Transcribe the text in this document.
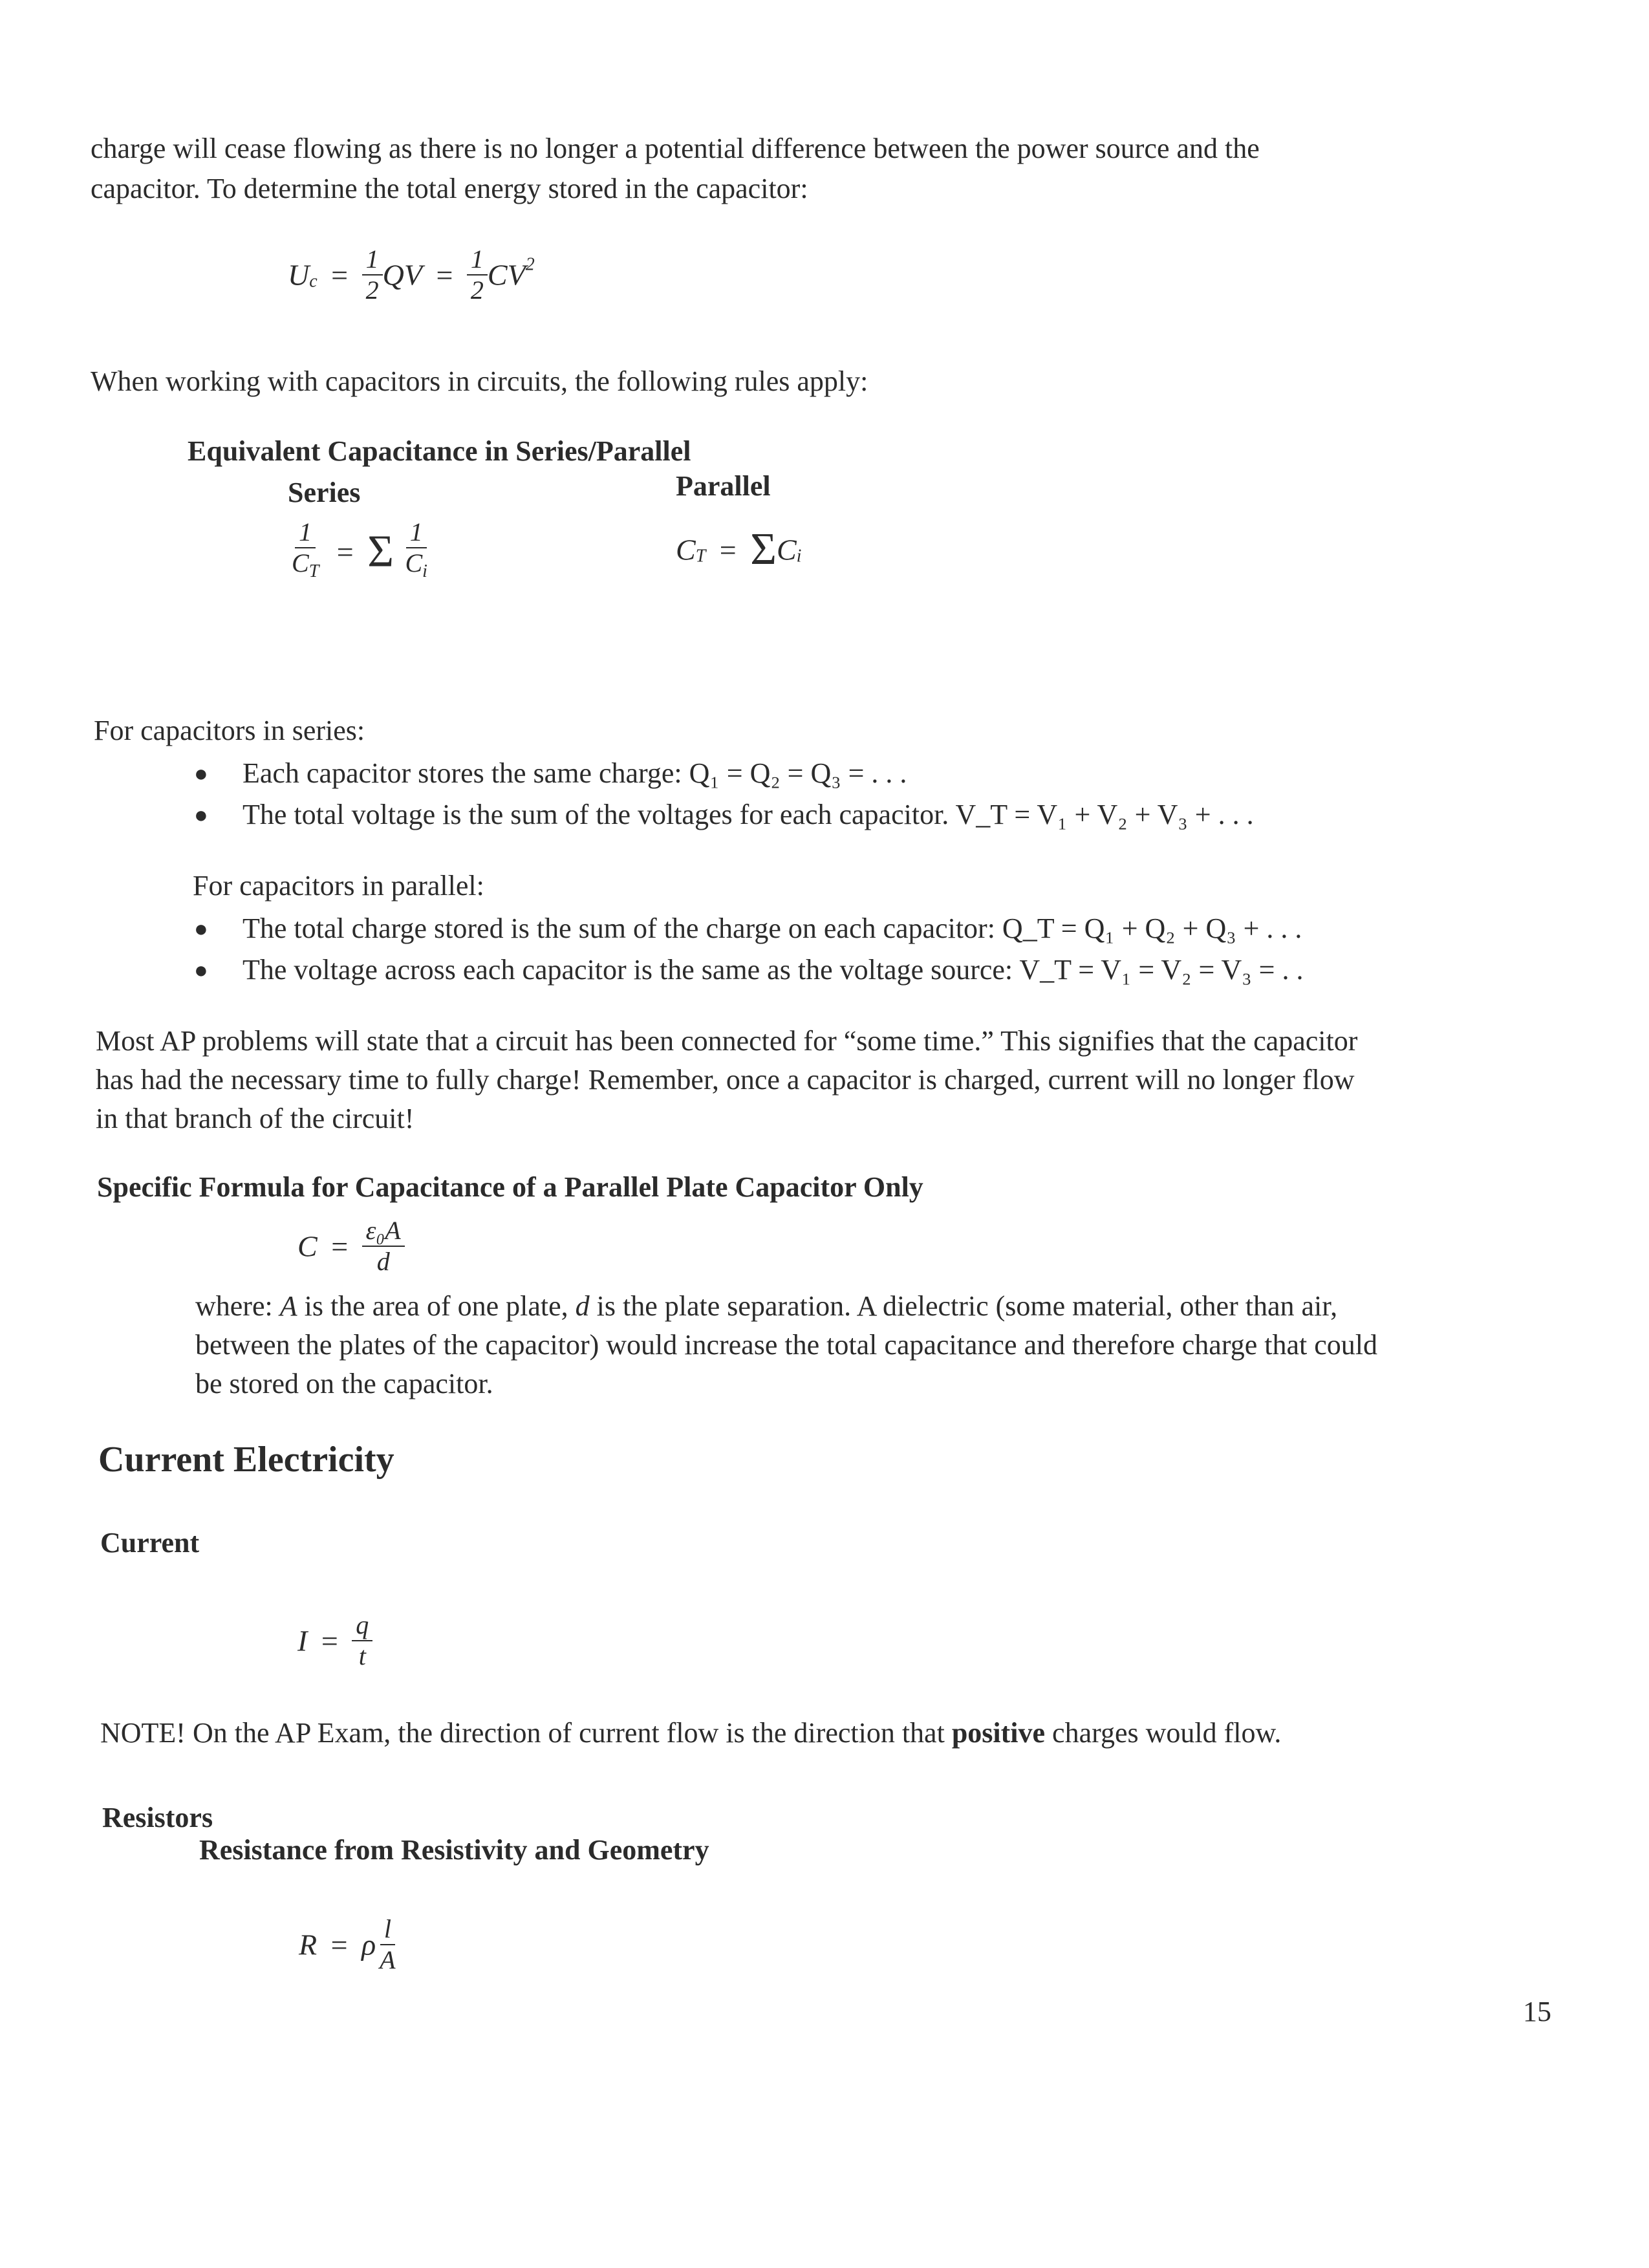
charge will cease flowing as there is no longer a potential difference between the power source and the

capacitor. To determine the total energy stored in the capacitor:

$U_c = \frac{1}{2}$ QV = $\frac{1}{2} CV^2$

When working with capacitors in circuits, the following rules apply:

Equivalent Capacitance in Series/Parallel

Series	Parallel

$\frac{1}{C_T} = \Sigma \frac{1}{C_i}$	$C_T = \Sigma C_i$

For capacitors in series:

● Each capacitor stores the same charge: Q₁ = Q₂ = Q₃ = . . .
● The total voltage is the sum of the voltages for each capacitor. V_T = V₁ + V₂ + V₃ + . . .

For capacitors in parallel:

● The total charge stored is the sum of the charge on each capacitor: Q_T = Q₁ + Q₂ + Q₃ + . . .
● The voltage across each capacitor is the same as the voltage source: V_T = V₁ = V₂ = V₃ = . .

Most AP problems will state that a circuit has been connected for “some time.” This signifies that the capacitor

has had the necessary time to fully charge! Remember, once a capacitor is charged, current will no longer flow

in that branch of the circuit!

Specific Formula for Capacitance of a Parallel Plate Capacitor Only

$C = \frac{\text{ε₀A}}{d}$

where: A is the area of one plate, d is the plate separation. A dielectric (some material, other than air,

between the plates of the capacitor) would increase the total capacitance and therefore charge that could

be stored on the capacitor.

Current Electricity

Current

$I = \frac{q}{t}$

NOTE! On the AP Exam, the direction of current flow is the direction that positive charges would flow.

Resistors

Resistance from Resistivity and Geometry

R = ρ $\frac{l}{A}$

15
